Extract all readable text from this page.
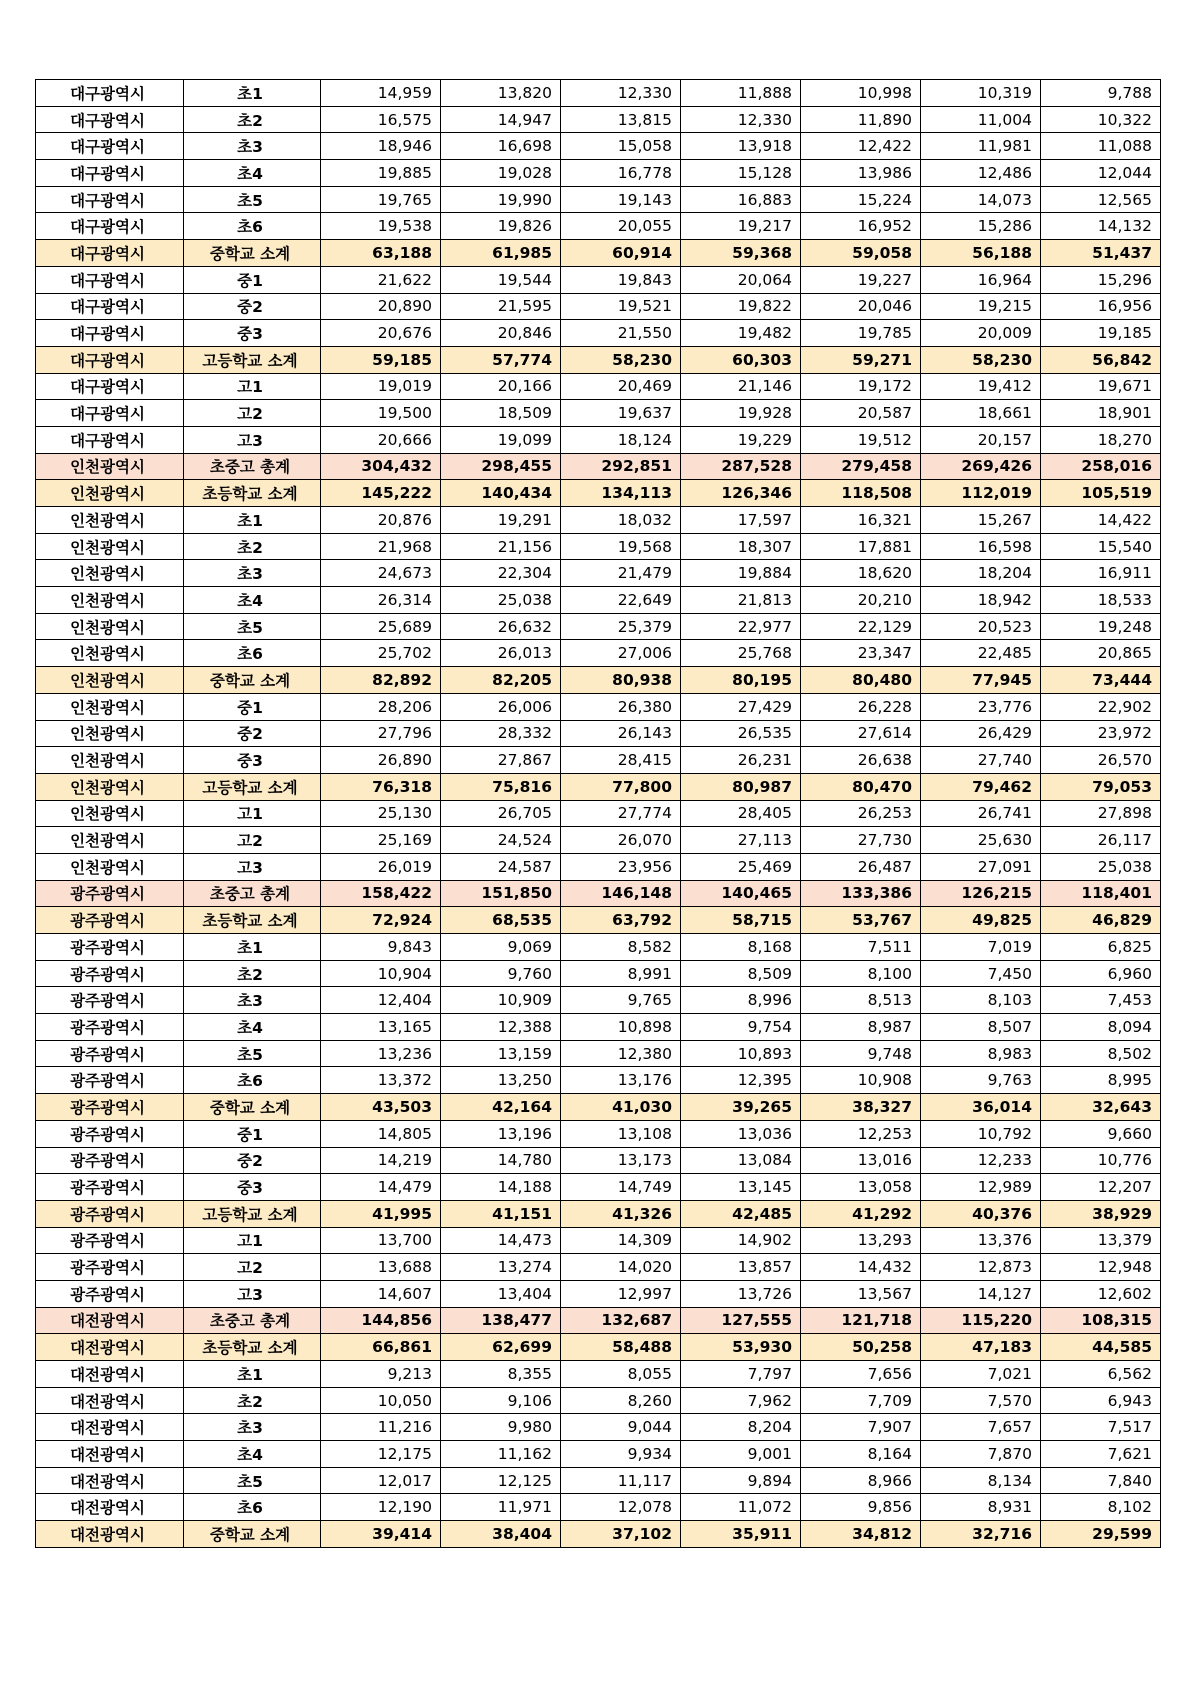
대구광역시	초1	14,959	13,820	12,330	11,888	10,998	10,319	9,788
대구광역시	초2	16,575	14,947	13,815	12,330	11,890	11,004	10,322
대구광역시	초3	18,946	16,698	15,058	13,918	12,422	11,981	11,088
대구광역시	초4	19,885	19,028	16,778	15,128	13,986	12,486	12,044
대구광역시	초5	19,765	19,990	19,143	16,883	15,224	14,073	12,565
대구광역시	초6	19,538	19,826	20,055	19,217	16,952	15,286	14,132
대구광역시	중학교 소계	63,188	61,985	60,914	59,368	59,058	56,188	51,437
대구광역시	중1	21,622	19,544	19,843	20,064	19,227	16,964	15,296
대구광역시	중2	20,890	21,595	19,521	19,822	20,046	19,215	16,956
대구광역시	중3	20,676	20,846	21,550	19,482	19,785	20,009	19,185
대구광역시	고등학교 소계	59,185	57,774	58,230	60,303	59,271	58,230	56,842
대구광역시	고1	19,019	20,166	20,469	21,146	19,172	19,412	19,671
대구광역시	고2	19,500	18,509	19,637	19,928	20,587	18,661	18,901
대구광역시	고3	20,666	19,099	18,124	19,229	19,512	20,157	18,270
인천광역시	초중고 총계	304,432	298,455	292,851	287,528	279,458	269,426	258,016
인천광역시	초등학교 소계	145,222	140,434	134,113	126,346	118,508	112,019	105,519
인천광역시	초1	20,876	19,291	18,032	17,597	16,321	15,267	14,422
인천광역시	초2	21,968	21,156	19,568	18,307	17,881	16,598	15,540
인천광역시	초3	24,673	22,304	21,479	19,884	18,620	18,204	16,911
인천광역시	초4	26,314	25,038	22,649	21,813	20,210	18,942	18,533
인천광역시	초5	25,689	26,632	25,379	22,977	22,129	20,523	19,248
인천광역시	초6	25,702	26,013	27,006	25,768	23,347	22,485	20,865
인천광역시	중학교 소계	82,892	82,205	80,938	80,195	80,480	77,945	73,444
인천광역시	중1	28,206	26,006	26,380	27,429	26,228	23,776	22,902
인천광역시	중2	27,796	28,332	26,143	26,535	27,614	26,429	23,972
인천광역시	중3	26,890	27,867	28,415	26,231	26,638	27,740	26,570
인천광역시	고등학교 소계	76,318	75,816	77,800	80,987	80,470	79,462	79,053
인천광역시	고1	25,130	26,705	27,774	28,405	26,253	26,741	27,898
인천광역시	고2	25,169	24,524	26,070	27,113	27,730	25,630	26,117
인천광역시	고3	26,019	24,587	23,956	25,469	26,487	27,091	25,038
광주광역시	초중고 총계	158,422	151,850	146,148	140,465	133,386	126,215	118,401
광주광역시	초등학교 소계	72,924	68,535	63,792	58,715	53,767	49,825	46,829
광주광역시	초1	9,843	9,069	8,582	8,168	7,511	7,019	6,825
광주광역시	초2	10,904	9,760	8,991	8,509	8,100	7,450	6,960
광주광역시	초3	12,404	10,909	9,765	8,996	8,513	8,103	7,453
광주광역시	초4	13,165	12,388	10,898	9,754	8,987	8,507	8,094
광주광역시	초5	13,236	13,159	12,380	10,893	9,748	8,983	8,502
광주광역시	초6	13,372	13,250	13,176	12,395	10,908	9,763	8,995
광주광역시	중학교 소계	43,503	42,164	41,030	39,265	38,327	36,014	32,643
광주광역시	중1	14,805	13,196	13,108	13,036	12,253	10,792	9,660
광주광역시	중2	14,219	14,780	13,173	13,084	13,016	12,233	10,776
광주광역시	중3	14,479	14,188	14,749	13,145	13,058	12,989	12,207
광주광역시	고등학교 소계	41,995	41,151	41,326	42,485	41,292	40,376	38,929
광주광역시	고1	13,700	14,473	14,309	14,902	13,293	13,376	13,379
광주광역시	고2	13,688	13,274	14,020	13,857	14,432	12,873	12,948
광주광역시	고3	14,607	13,404	12,997	13,726	13,567	14,127	12,602
대전광역시	초중고 총계	144,856	138,477	132,687	127,555	121,718	115,220	108,315
대전광역시	초등학교 소계	66,861	62,699	58,488	53,930	50,258	47,183	44,585
대전광역시	초1	9,213	8,355	8,055	7,797	7,656	7,021	6,562
대전광역시	초2	10,050	9,106	8,260	7,962	7,709	7,570	6,943
대전광역시	초3	11,216	9,980	9,044	8,204	7,907	7,657	7,517
대전광역시	초4	12,175	11,162	9,934	9,001	8,164	7,870	7,621
대전광역시	초5	12,017	12,125	11,117	9,894	8,966	8,134	7,840
대전광역시	초6	12,190	11,971	12,078	11,072	9,856	8,931	8,102
대전광역시	중학교 소계	39,414	38,404	37,102	35,911	34,812	32,716	29,599
